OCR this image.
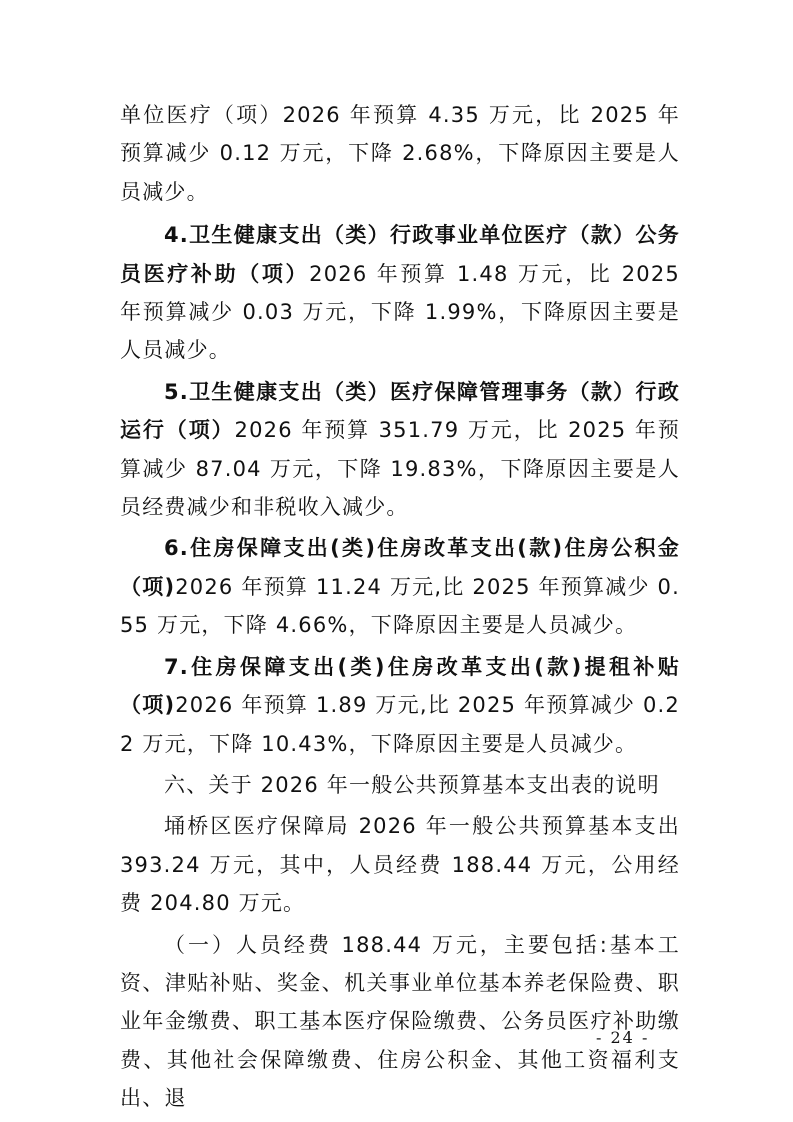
单位医疗（项）2026 年预算 4.35 万元，比 2025 年预算减少 0.12 万元，下降 2.68%，下降原因主要是人员减少。

4.卫生健康支出（类）行政事业单位医疗（款）公务员医疗补助（项）2026 年预算 1.48 万元，比 2025 年预算减少 0.03 万元，下降 1.99%，下降原因主要是人员减少。

5.卫生健康支出（类）医疗保障管理事务（款）行政运行（项）2026 年预算 351.79 万元，比 2025 年预算减少 87.04 万元，下降 19.83%，下降原因主要是人员经费减少和非税收入减少。

6.住房保障支出(类)住房改革支出(款)住房公积金（项)2026 年预算 11.24 万元,比 2025 年预算减少 0.55 万元，下降 4.66%，下降原因主要是人员减少。

7.住房保障支出(类)住房改革支出(款)提租补贴（项)2026 年预算 1.89 万元,比 2025 年预算减少 0.22 万元，下降 10.43%，下降原因主要是人员减少。

六、关于 2026 年一般公共预算基本支出表的说明

埇桥区医疗保障局 2026 年一般公共预算基本支出 393.24 万元，其中，人员经费 188.44 万元，公用经费 204.80 万元。

（一）人员经费 188.44 万元，主要包括:基本工资、津贴补贴、奖金、机关事业单位基本养老保险费、职业年金缴费、职工基本医疗保险缴费、公务员医疗补助缴费、其他社会保障缴费、住房公积金、其他工资福利支出、退

- 24 -
